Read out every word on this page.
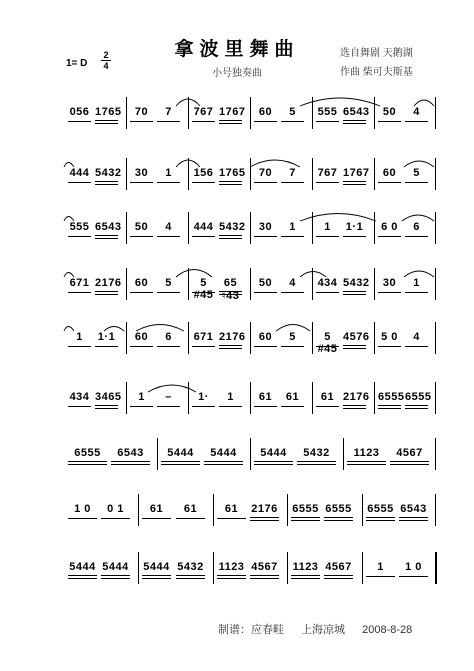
拿波里舞曲
小号独奏曲
选自舞剧 天鹅湖
作曲 柴可夫斯基
1= D
2
4
056 1765	70	7	767 1767	60	5	555 6543	50	4
444 5432	30	1	156 1765	70	7	767 1767	60	5
555 6543	50	4	444 5432	30	1	1	1·1 6 0	6
671 2176	60	5	5 #45
65 ♮43
50	4	434 5432	30	1
1	1·1	60	6	671 2176	60	5	5 #45
4576 5 0	4
434 3465	1	–	1·	1	61	61	61 2176 6555 6555
6555	6543	5444	5444	5444	5432	1123	4567
1 0	0 1	61	61	61	2176 6555 6555 6555 6543
5444 5444 5444 5432 1123 4567 1123 4567	1	1 0
制谱：应春畦 上海凉城 2008-8-28
